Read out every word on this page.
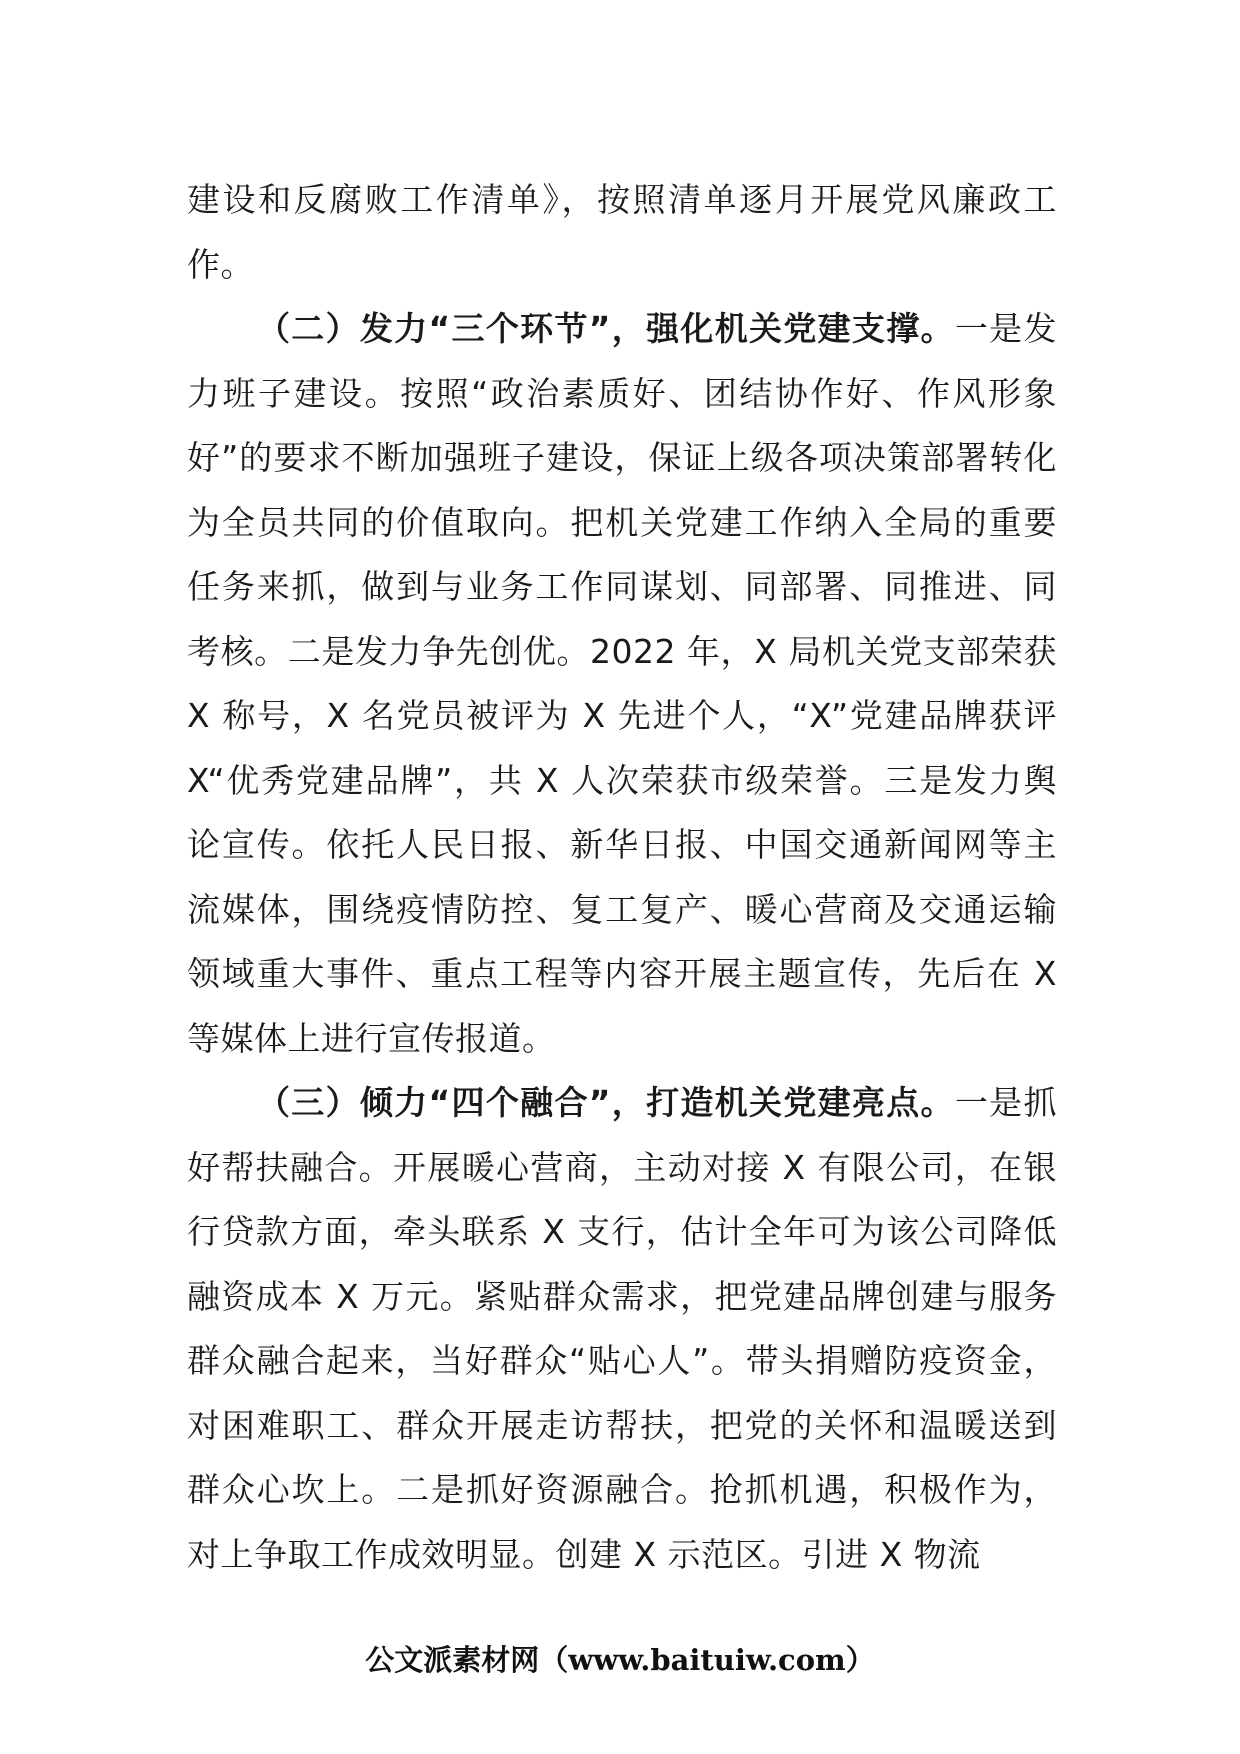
建设和反腐败工作清单》，按照清单逐月开展党风廉政工作。

（二）发力“三个环节”，强化机关党建支撑。一是发力班子建设。按照“政治素质好、团结协作好、作风形象好”的要求不断加强班子建设，保证上级各项决策部署转化为全员共同的价值取向。把机关党建工作纳入全局的重要任务来抓，做到与业务工作同谋划、同部署、同推进、同考核。二是发力争先创优。2022 年，X 局机关党支部荣获 X 称号，X 名党员被评为 X 先进个人，“X”党建品牌获评 X“优秀党建品牌”，共 X 人次荣获市级荣誉。三是发力舆论宣传。依托人民日报、新华日报、中国交通新闻网等主流媒体，围绕疫情防控、复工复产、暖心营商及交通运输领域重大事件、重点工程等内容开展主题宣传，先后在 X 等媒体上进行宣传报道。

（三）倾力“四个融合”，打造机关党建亮点。一是抓好帮扶融合。开展暖心营商，主动对接 X 有限公司，在银行贷款方面，牵头联系 X 支行，估计全年可为该公司降低融资成本 X 万元。紧贴群众需求，把党建品牌创建与服务群众融合起来，当好群众“贴心人”。带头捐赠防疫资金，对困难职工、群众开展走访帮扶，把党的关怀和温暖送到群众心坎上。二是抓好资源融合。抢抓机遇，积极作为，对上争取工作成效明显。创建 X 示范区。引进 X 物流

公文派素材网（www.baituiw.com）
